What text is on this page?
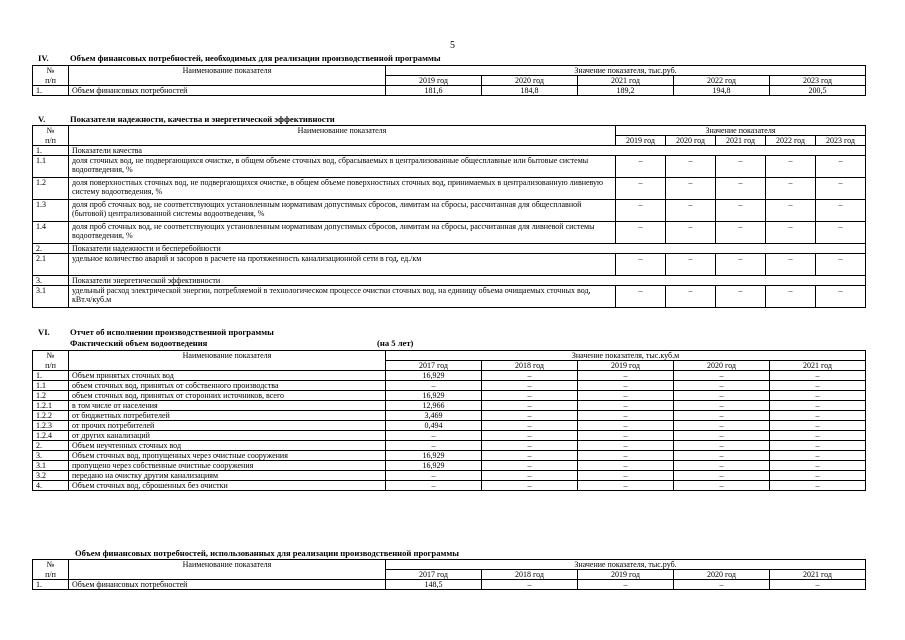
5
IV. Объем финансовых потребностей, необходимых для реализации производственной программы
№	Наименование показателя	Значение показателя, тыс.руб.				
п/п		2019 год	2020 год	2021 год	2022 год	2023 год
1.	Объем финансовых потребностей	181,6	184,8	189,2	194,8	200,5
V.	Показатели надежности, качества и энергетической эффективности
№	Наименование показателя	Значение показателя				
п/п		2019 год	2020 год	2021 год	2022 год	2023 год
1.	Показатели качества					
1.1	доля сточных вод, не подвергающихся очистке, в общем объеме сточных вод, сбрасываемых в централизованные общесплавные или бытовые системы водоотведения, %	–	–	–	–	–
1.2	доля поверхностных сточных вод, не подвергающихся очистке, в общем объеме поверхностных сточных вод, принимаемых в централизованную ливневую систему водоотведения, %	–	–	–	–	–
1.3	доля проб сточных вод, не соответствующих установленным нормативам допустимых сбросов, лимитам на сбросы, рассчитанная для общесплавной (бытовой) централизованной системы водоотведения, %	–	–	–	–	–
1.4	доля проб сточных вод, не соответствующих установленным нормативам допустимых сбросов, лимитам на сбросы, рассчитанная для ливневой системы водоотведения, %	–	–	–	–	–
2.	Показатели надежности и бесперебойности					
2.1	удельное количество аварий и засоров в расчете на протяженность канализационной сети в год, ед./км	–	–	–	–	–
3.	Показатели энергетической эффективности					
3.1	удельный расход электрической энергии, потребляемой в технологическом процессе очистки сточных вод, на единицу объема очищаемых сточных вод, кВт.ч/куб.м	–	–	–	–	–
VI. Отчет об исполнении производственной программы
Фактический объем водоотведения	(на 5 лет)
№	Наименование показателя	Значение показателя, тыс.куб.м				
п/п		2017 год	2018 год	2019 год	2020 год	2021 год
1.	Объем принятых сточных вод	16,929	–	–	–	–
1.1	объем сточных вод, принятых от собственного производства	–	–	–	–	–
1.2	объем сточных вод, принятых от сторонних источников, всего	16,929	–	–	–	–
1.2.1	в том числе от населения	12,966	–	–	–	–
1.2.2	от бюджетных потребителей	3,469	–	–	–	–
1.2.3	от прочих потребителей	0,494	–	–	–	–
1.2.4	от других канализаций	–	–	–	–	–
2.	Объем неучтенных сточных вод	–	–	–	–	–
3.	Объем сточных вод, пропущенных через очистные сооружения	16,929	–	–	–	–
3.1	пропущено через собственные очистные сооружения	16,929	–	–	–	–
3.2	передано на очистку другим канализациям	–	–	–	–	–
4.	Объем сточных вод, сброшенных без очистки	–	–	–	–	–
Объем финансовых потребностей, использованных для реализации производственной программы
№	Наименование показателя	Значение показателя, тыс.руб.				
п/п		2017 год	2018 год	2019 год	2020 год	2021 год
1.	Объем финансовых потребностей	148,5	–	–	–	–
